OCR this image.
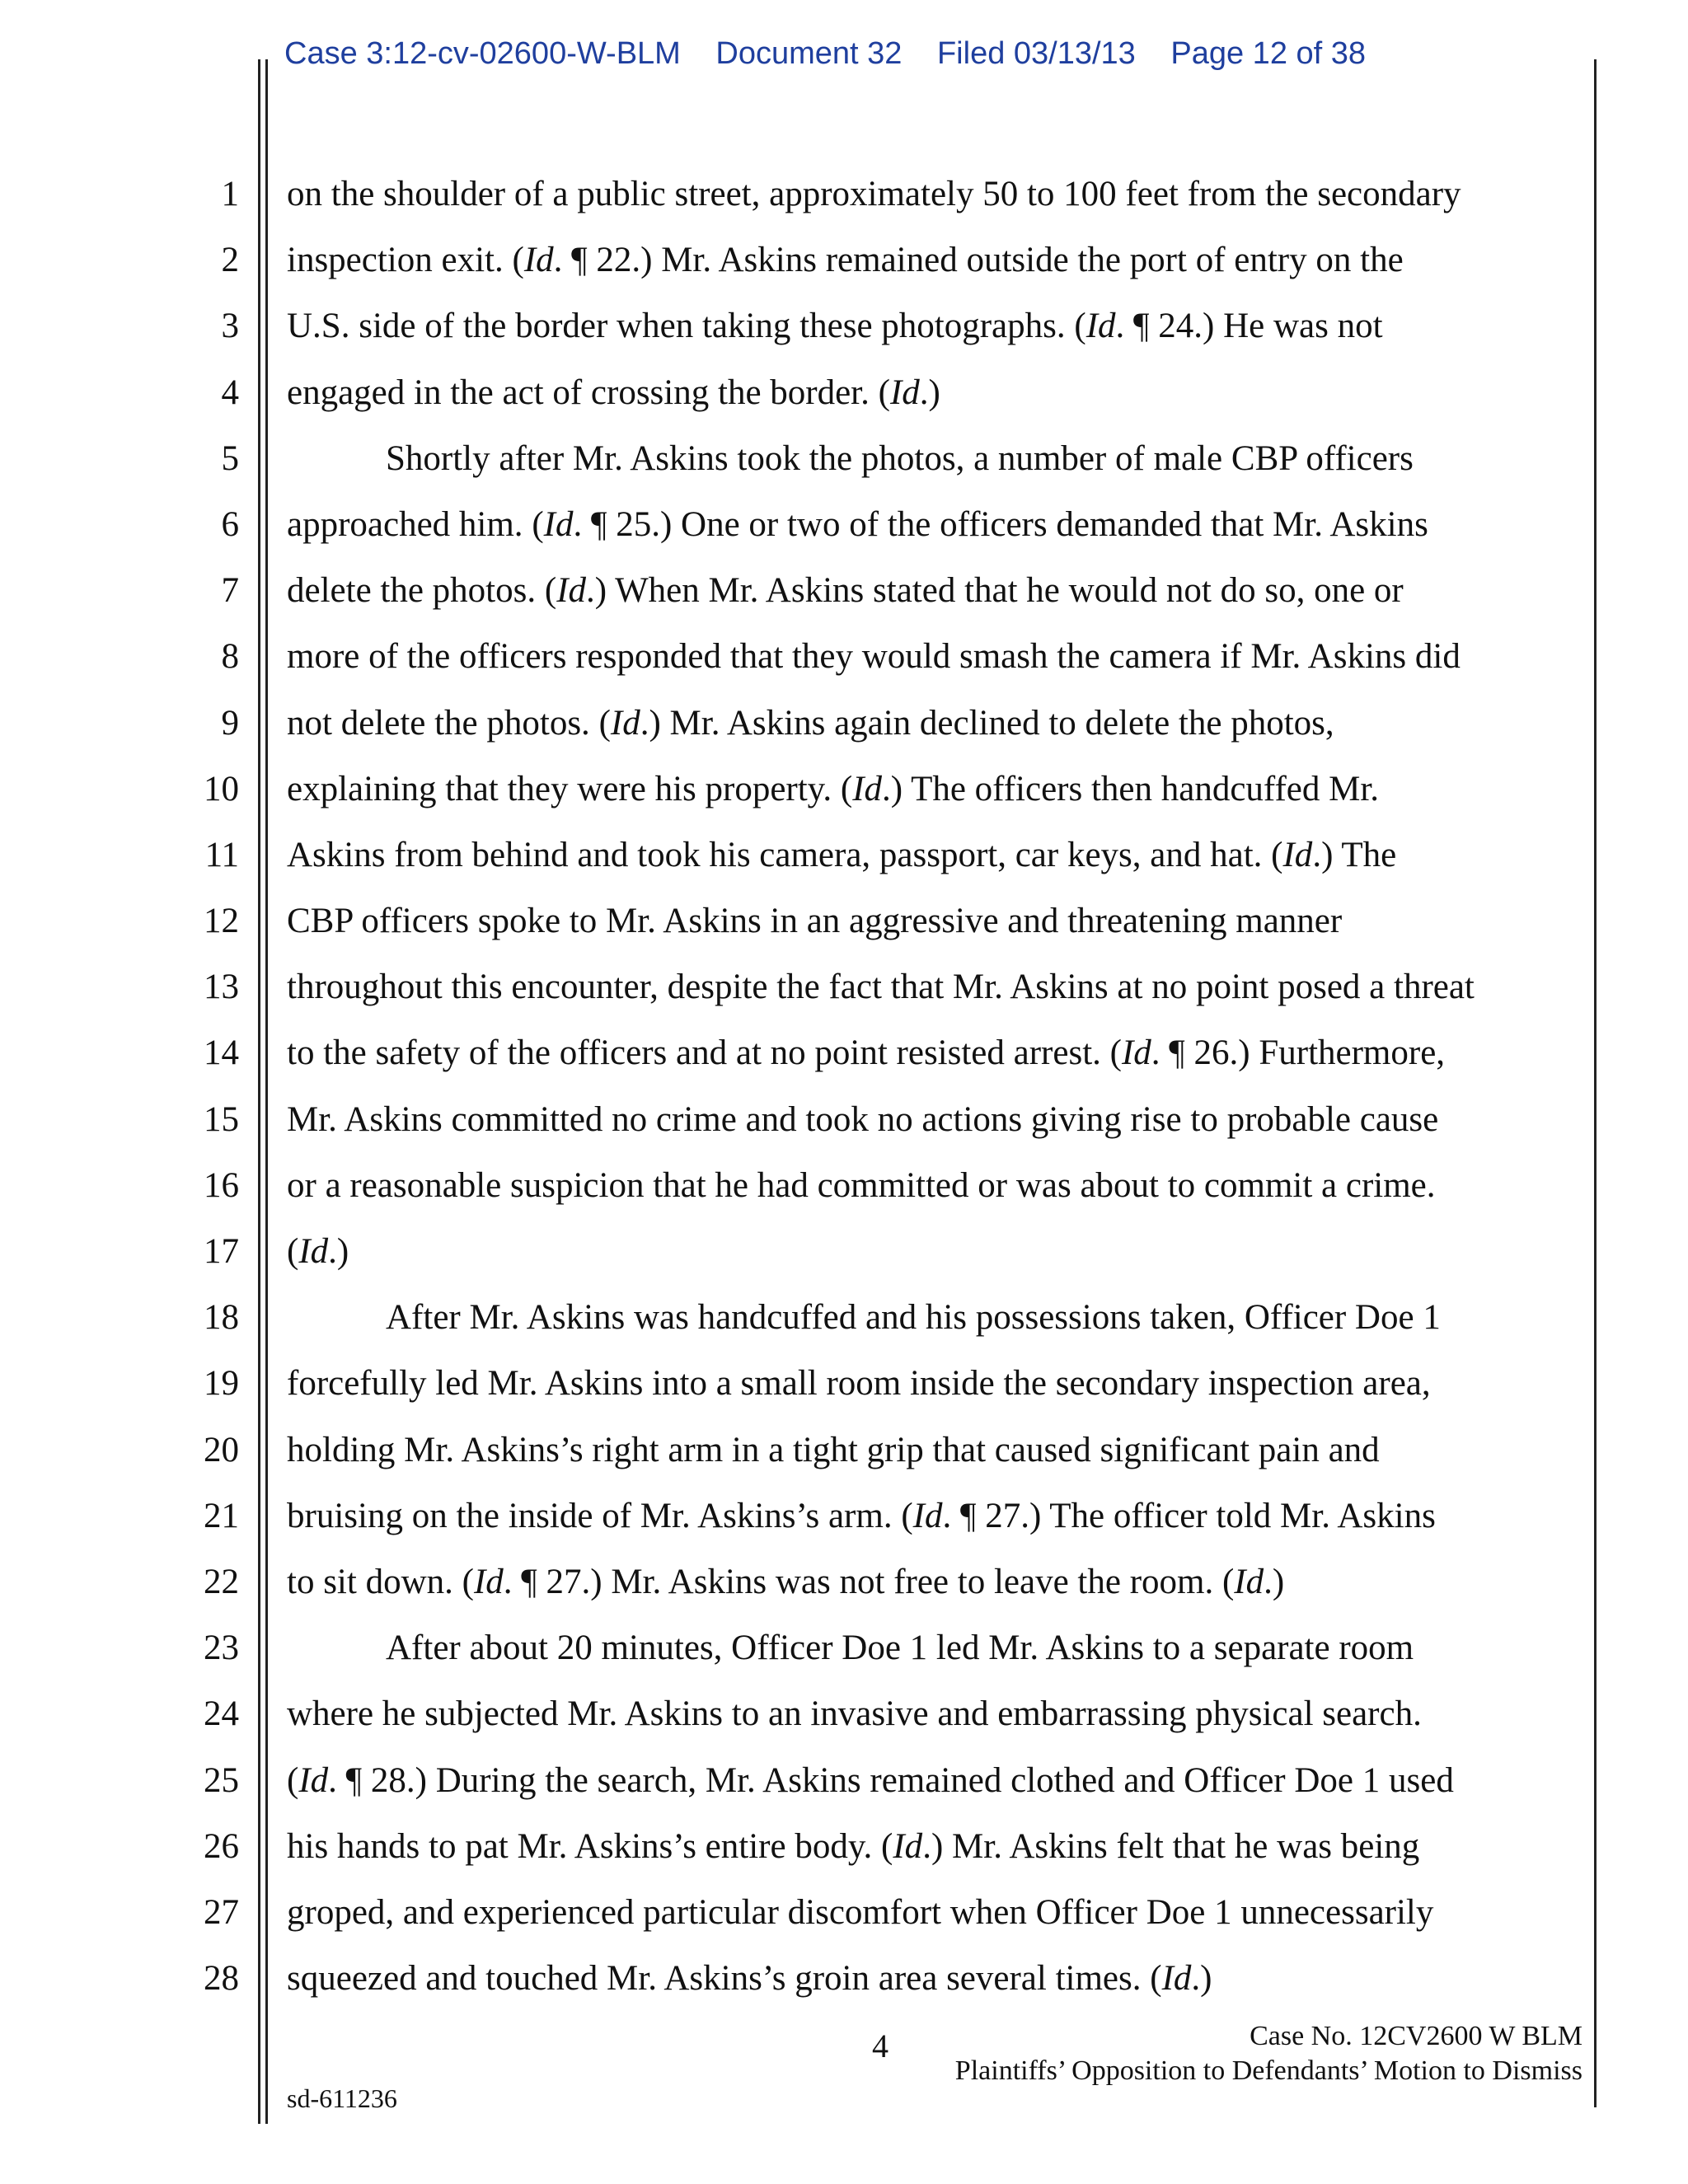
Case 3:12-cv-02600-W-BLM Document 32 Filed 03/13/13 Page 12 of 38
1
2
3
4
5
6
7
8
9
10
11
12
13
14
15
16
17
18
19
20
21
22
23
24
25
26
27
28
on the shoulder of a public street, approximately 50 to 100 feet from the secondary
inspection exit. (Id. ¶ 22.) Mr. Askins remained outside the port of entry on the
U.S. side of the border when taking these photographs. (Id. ¶ 24.) He was not
engaged in the act of crossing the border. (Id.)
Shortly after Mr. Askins took the photos, a number of male CBP officers
approached him. (Id. ¶ 25.) One or two of the officers demanded that Mr. Askins
delete the photos. (Id.) When Mr. Askins stated that he would not do so, one or
more of the officers responded that they would smash the camera if Mr. Askins did
not delete the photos. (Id.) Mr. Askins again declined to delete the photos,
explaining that they were his property. (Id.) The officers then handcuffed Mr.
Askins from behind and took his camera, passport, car keys, and hat. (Id.) The
CBP officers spoke to Mr. Askins in an aggressive and threatening manner
throughout this encounter, despite the fact that Mr. Askins at no point posed a threat
to the safety of the officers and at no point resisted arrest. (Id. ¶ 26.) Furthermore,
Mr. Askins committed no crime and took no actions giving rise to probable cause
or a reasonable suspicion that he had committed or was about to commit a crime.
(Id.)
After Mr. Askins was handcuffed and his possessions taken, Officer Doe 1
forcefully led Mr. Askins into a small room inside the secondary inspection area,
holding Mr. Askins’s right arm in a tight grip that caused significant pain and
bruising on the inside of Mr. Askins’s arm. (Id. ¶ 27.) The officer told Mr. Askins
to sit down. (Id. ¶ 27.) Mr. Askins was not free to leave the room. (Id.)
After about 20 minutes, Officer Doe 1 led Mr. Askins to a separate room
where he subjected Mr. Askins to an invasive and embarrassing physical search.
(Id. ¶ 28.) During the search, Mr. Askins remained clothed and Officer Doe 1 used
his hands to pat Mr. Askins’s entire body. (Id.) Mr. Askins felt that he was being
groped, and experienced particular discomfort when Officer Doe 1 unnecessarily
squeezed and touched Mr. Askins’s groin area several times. (Id.)
4	Case No. 12CV2600 W BLM
Plaintiffs’ Opposition to Defendants’ Motion to Dismiss
sd-611236
